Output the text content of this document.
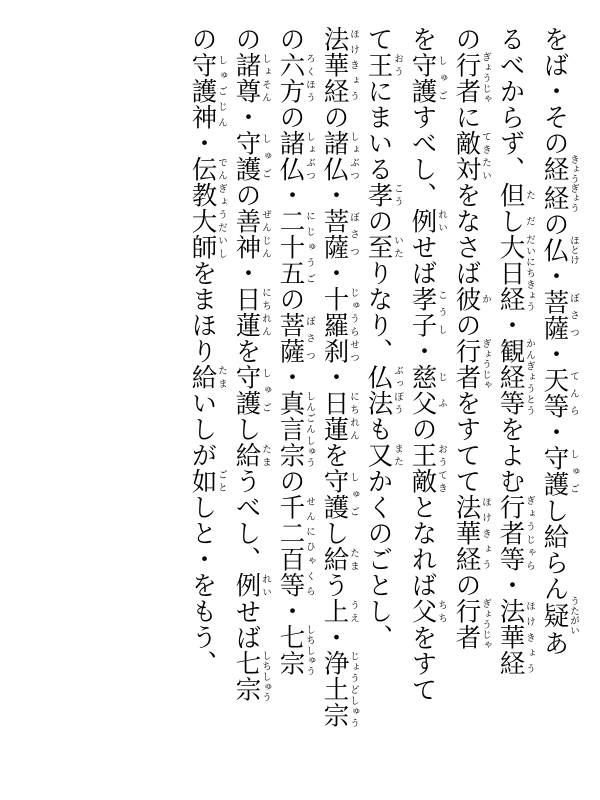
をば・その経経きょうぎょうの仏ほとけ・菩薩ぼさつ・天等てんら・守護しゅごし給らん疑うたがいあ
るべからず、但しただ大日経だいにちきょう・観経等かんぎょうとうをよむ行者等ぎょうじゃら・法華経ほけきょう
の行者ぎょうじゃに敵対てきたいをなさば彼かの行者ぎょうじゃをすてて法華経ほけきょうの行者ぎょうじゃ
を守護しゅごすべし、例れいせば孝子こうし・慈じ父ふの王敵おうてきとなれば父ちちをすて
て王おうにまいる孝こうの至いたりなり、仏法ぶっぽうも又またかくのごとし、
法華経ほけきょうの諸仏しょぶつ・菩薩ぼさつ・十羅刹じゅうらせつ・日蓮にちれんを守護しゅごし給たまう上うえ・浄土宗じょうどしゅう
の六方ろくほうの諸仏しょぶつ・二十五にじゅうごの菩薩ぼさつ・真言宗しんごんしゅうの千二百等せんにひゃくら・七宗しちしゅう
の諸尊しょそん・守護しゅごの善神ぜんじん・日蓮にちれんを守護しゅごし給たまうべし、例れいせば七宗しちしゅう
の守護神しゅごじん・伝教大師でんぎょうだいしをまほり給たまいしが如ごとしと・をもう、
